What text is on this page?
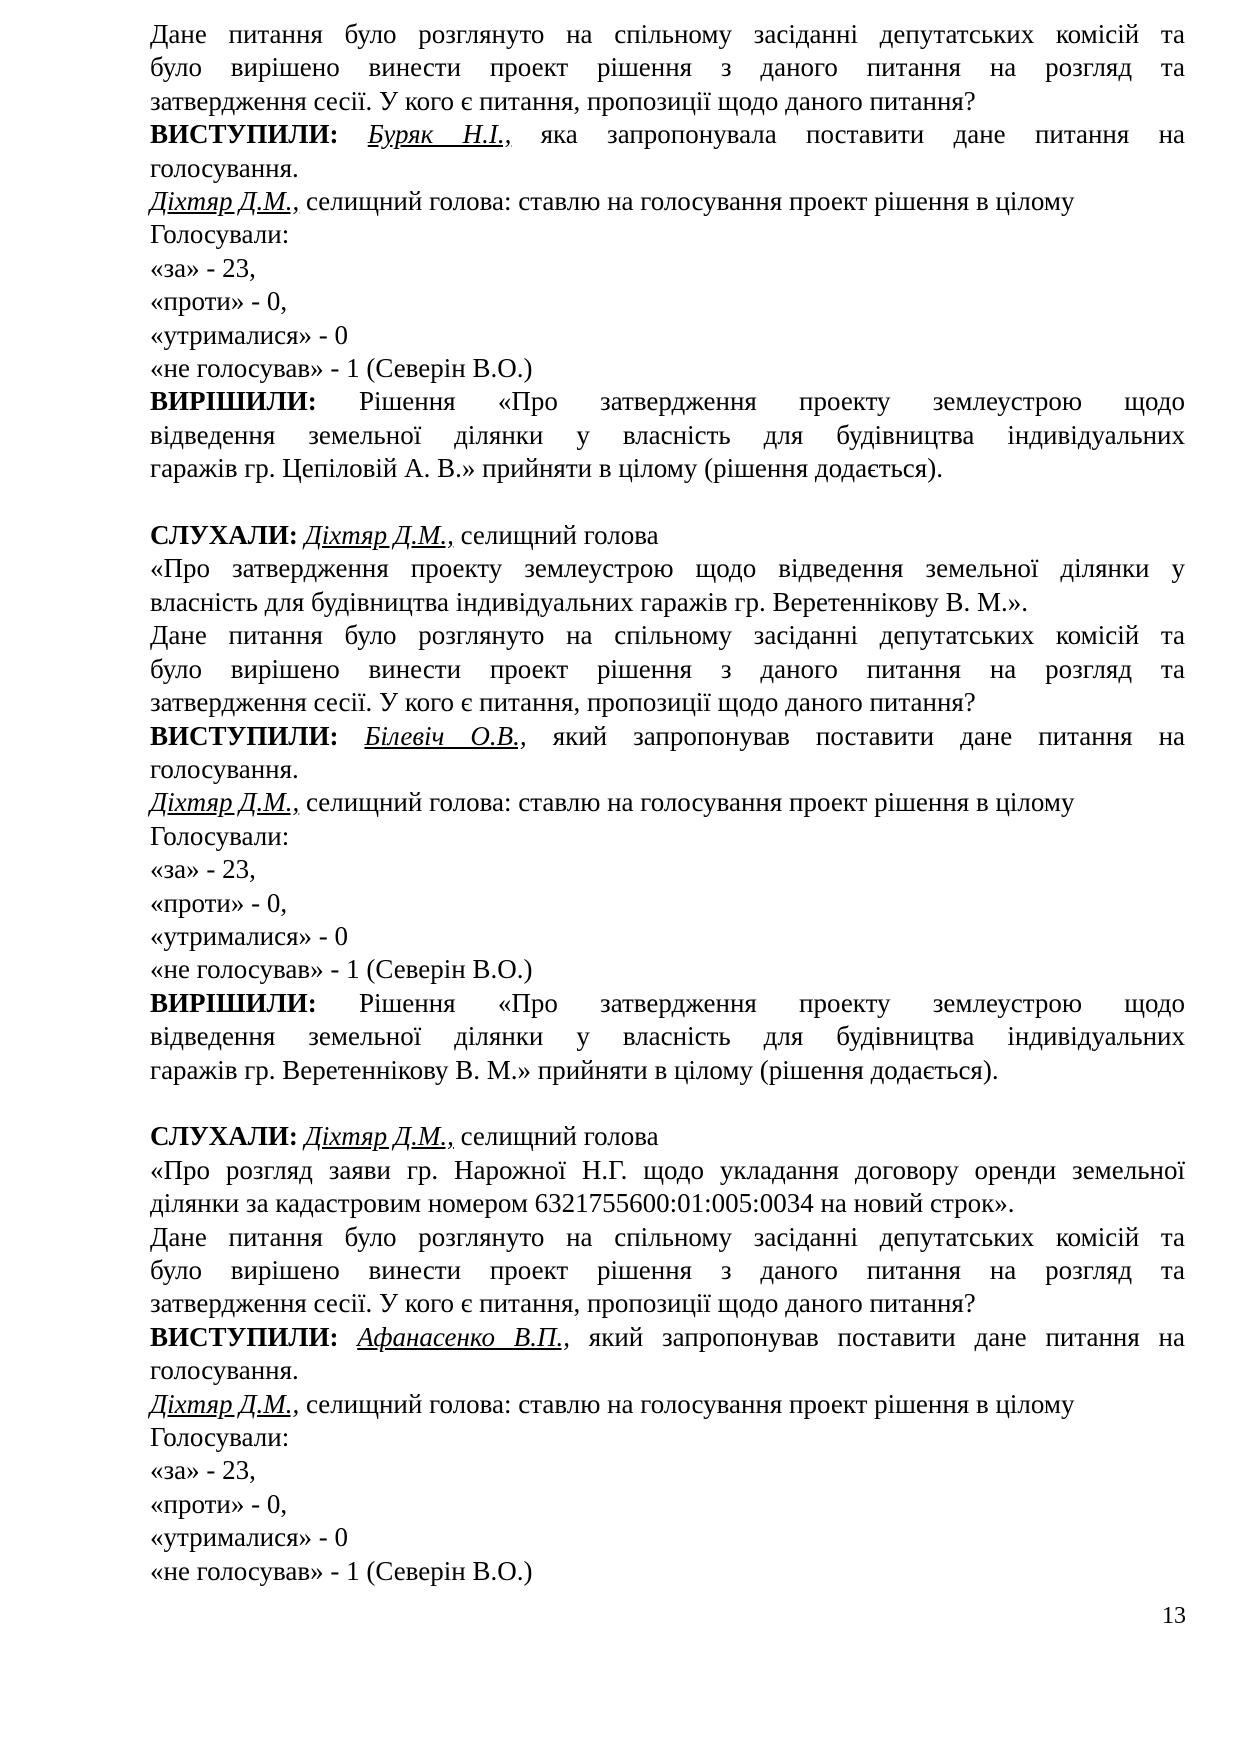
Дане питання було розглянуто на спільному засіданні депутатських комісій та

було вирішено винести проект рішення з даного питання на розгляд та

затвердження сесії. У кого є питання, пропозиції щодо даного питання?

ВИСТУПИЛИ: Буряк Н.І., яка запропонувала поставити дане питання на

голосування.

Діхтяр Д.М., селищний голова: ставлю на голосування проект рішення в цілому

Голосували:

«за» - 23,

«проти» - 0,

«утрималися» - 0

«не голосував» - 1 (Северін В.О.)

ВИРІШИЛИ: Рішення «Про затвердження проекту землеустрою щодо

відведення земельної ділянки у власність для будівництва індивідуальних

гаражів гр. Цепіловій А. В.» прийняти в цілому (рішення додається).

СЛУХАЛИ: Діхтяр Д.М., селищний голова

«Про затвердження проекту землеустрою щодо відведення земельної ділянки у

власність для будівництва індивідуальних гаражів гр. Веретеннікову В. М.».

Дане питання було розглянуто на спільному засіданні депутатських комісій та

було вирішено винести проект рішення з даного питання на розгляд та

затвердження сесії. У кого є питання, пропозиції щодо даного питання?

ВИСТУПИЛИ: Білевіч О.В., який запропонував поставити дане питання на

голосування.

Діхтяр Д.М., селищний голова: ставлю на голосування проект рішення в цілому

Голосували:

«за» - 23,

«проти» - 0,

«утрималися» - 0

«не голосував» - 1 (Северін В.О.)

ВИРІШИЛИ: Рішення «Про затвердження проекту землеустрою щодо

відведення земельної ділянки у власність для будівництва індивідуальних

гаражів гр. Веретеннікову В. М.» прийняти в цілому (рішення додається).

СЛУХАЛИ: Діхтяр Д.М., селищний голова

«Про розгляд заяви гр. Нарожної Н.Г. щодо укладання договору оренди земельної

ділянки за кадастровим номером 6321755600:01:005:0034 на новий строк».

Дане питання було розглянуто на спільному засіданні депутатських комісій та

було вирішено винести проект рішення з даного питання на розгляд та

затвердження сесії. У кого є питання, пропозиції щодо даного питання?

ВИСТУПИЛИ: Афанасенко В.П., який запропонував поставити дане питання на

голосування.

Діхтяр Д.М., селищний голова: ставлю на голосування проект рішення в цілому

Голосували:

«за» - 23,

«проти» - 0,

«утрималися» - 0

«не голосував» - 1 (Северін В.О.)

13
